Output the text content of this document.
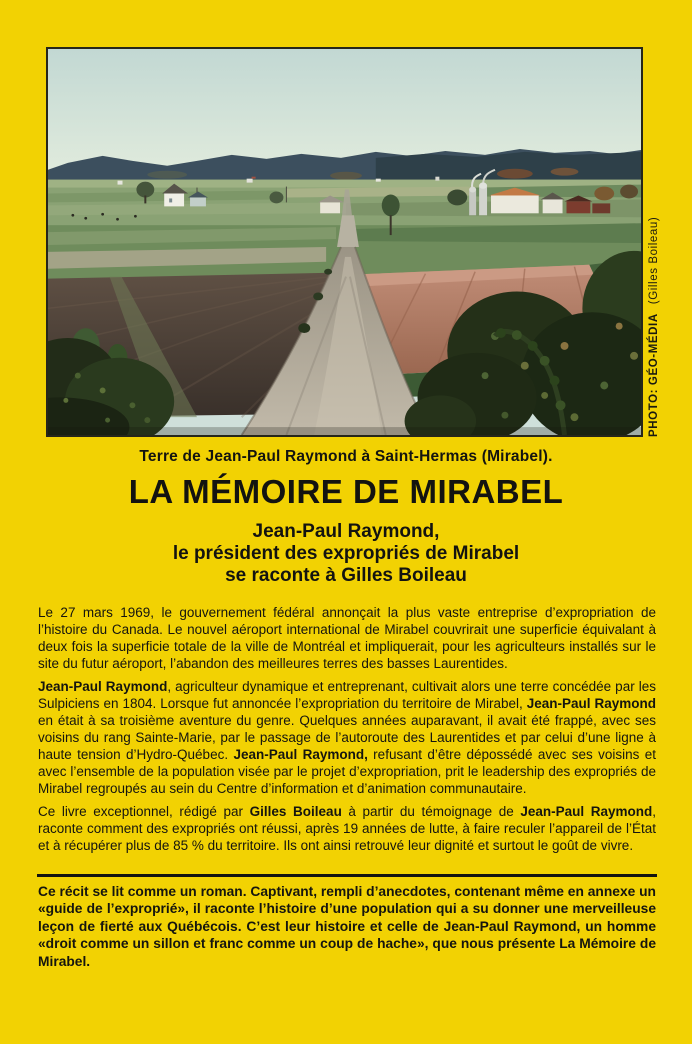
PHOTO: GÉO-MÉDIA(Gilles Boileau)
Terre de Jean-Paul Raymond à Saint-Hermas (Mirabel).
LA MÉMOIRE DE MIRABEL
Jean-Paul Raymond,
le président des expropriés de Mirabel
se raconte à Gilles Boileau

Le 27 mars 1969, le gouvernement fédéral annonçait la plus vaste entreprise d’expropriation de l’histoire du Canada. Le nouvel aéroport international de Mirabel couvrirait une superficie équivalant à deux fois la superficie totale de la ville de Montréal et impliquerait, pour les agriculteurs installés sur le site du futur aéroport, l’abandon des meilleures terres des basses Laurentides.

Jean-Paul Raymond, agriculteur dynamique et entreprenant, cultivait alors une terre concédée par les Sulpiciens en 1804. Lorsque fut annoncée l’expropriation du territoire de Mirabel, Jean-Paul Raymond en était à sa troisième aventure du genre. Quelques années auparavant, il avait été frappé, avec ses voisins du rang Sainte-Marie, par le passage de l’autoroute des Laurentides et par celui d’une ligne à haute tension d’Hydro-Québec. Jean-Paul Raymond, refusant d’être dépossédé avec ses voisins et avec l’ensemble de la population visée par le projet d’expropriation, prit le leadership des expropriés de Mirabel regroupés au sein du Centre d’information et d’animation communautaire.

Ce livre exceptionnel, rédigé par Gilles Boileau à partir du témoignage de Jean-Paul Raymond, raconte comment des expropriés ont réussi, après 19 années de lutte, à faire reculer l’appareil de l’État et à récupérer plus de 85 % du territoire. Ils ont ainsi retrouvé leur dignité et surtout le goût de vivre.

Ce récit se lit comme un roman. Captivant, rempli d’anecdotes, contenant même en annexe un «guide de l’exproprié», il raconte l’histoire d’une population qui a su donner une merveilleuse leçon de fierté aux Québécois. C’est leur histoire et celle de Jean-Paul Raymond, un homme «droit comme un sillon et franc comme un coup de hache», que nous présente La Mémoire de Mirabel.
